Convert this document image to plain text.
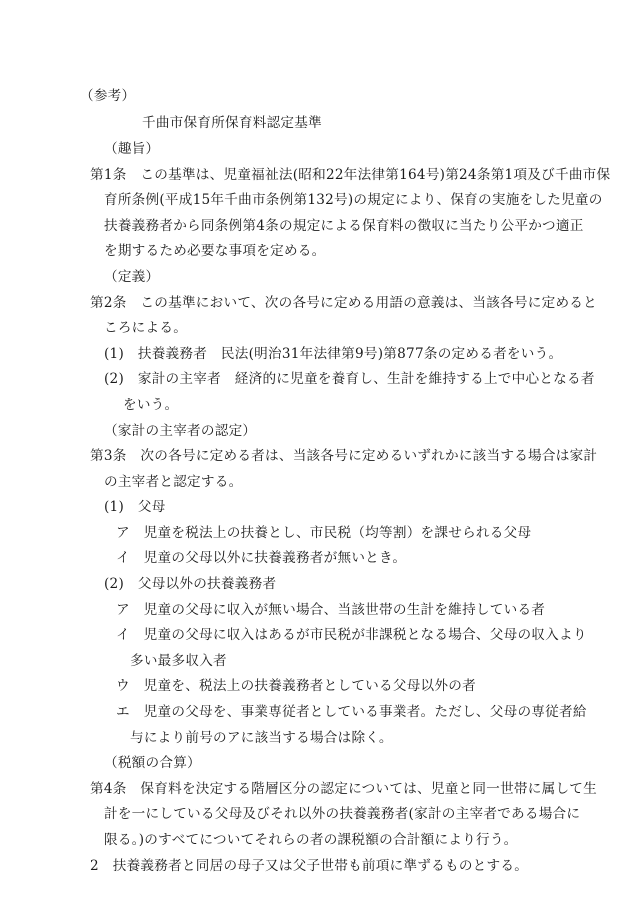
（参考）
千曲市保育所保育料認定基準
（趣旨）
第1条　この基準は、児童福祉法(昭和22年法律第164号)第24条第1項及び千曲市保
育所条例(平成15年千曲市条例第132号)の規定により、保育の実施をした児童の
扶養義務者から同条例第4条の規定による保育料の徴収に当たり公平かつ適正
を期するため必要な事項を定める。
（定義）
第2条　この基準において、次の各号に定める用語の意義は、当該各号に定めると
ころによる。
(1)　扶養義務者　民法(明治31年法律第9号)第877条の定める者をいう。
(2)　家計の主宰者　経済的に児童を養育し、生計を維持する上で中心となる者
をいう。
（家計の主宰者の認定）
第3条　次の各号に定める者は、当該各号に定めるいずれかに該当する場合は家計
の主宰者と認定する。
(1)　父母
ア　児童を税法上の扶養とし、市民税（均等割）を課せられる父母
イ　児童の父母以外に扶養義務者が無いとき。
(2)　父母以外の扶養義務者
ア　児童の父母に収入が無い場合、当該世帯の生計を維持している者
イ　児童の父母に収入はあるが市民税が非課税となる場合、父母の収入より
多い最多収入者
ウ　児童を、税法上の扶養義務者としている父母以外の者
エ　児童の父母を、事業専従者としている事業者。ただし、父母の専従者給
与により前号のアに該当する場合は除く。
（税額の合算）
第4条　保育料を決定する階層区分の認定については、児童と同一世帯に属して生
計を一にしている父母及びそれ以外の扶養義務者(家計の主宰者である場合に
限る。)のすべてについてそれらの者の課税額の合計額により行う。
2　扶養義務者と同居の母子又は父子世帯も前項に準ずるものとする。
